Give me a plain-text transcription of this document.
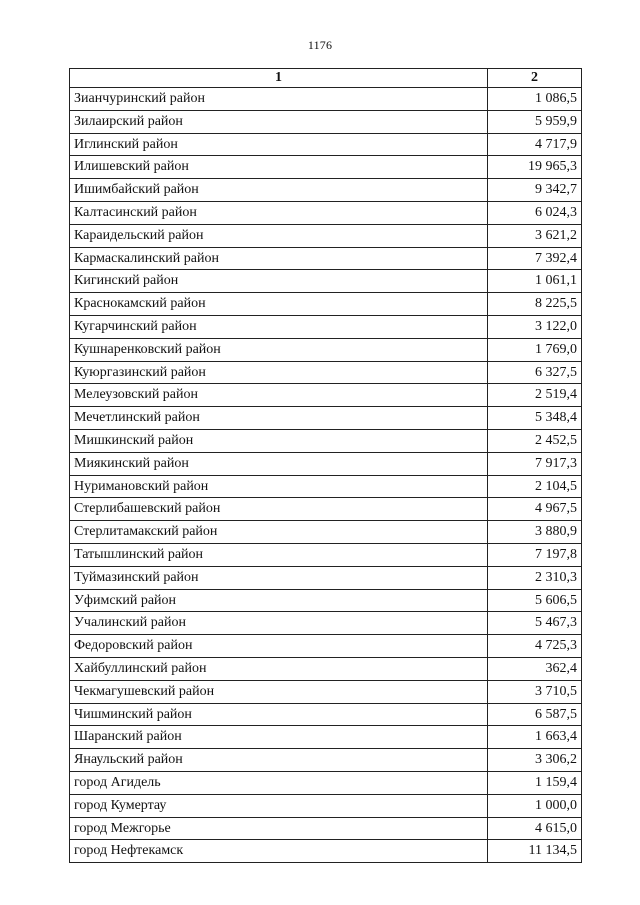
1176
1	2
Зианчуринский район	1 086,5
Зилаирский район	5 959,9
Иглинский район	4 717,9
Илишевский район	19 965,3
Ишимбайский район	9 342,7
Калтасинский район	6 024,3
Караидельский район	3 621,2
Кармаскалинский район	7 392,4
Кигинский район	1 061,1
Краснокамский район	8 225,5
Кугарчинский район	3 122,0
Кушнаренковский район	1 769,0
Куюргазинский район	6 327,5
Мелеузовский район	2 519,4
Мечетлинский район	5 348,4
Мишкинский район	2 452,5
Миякинский район	7 917,3
Нуримановский район	2 104,5
Стерлибашевский район	4 967,5
Стерлитамакский район	3 880,9
Татышлинский район	7 197,8
Туймазинский район	2 310,3
Уфимский район	5 606,5
Учалинский район	5 467,3
Федоровский район	4 725,3
Хайбуллинский район	362,4
Чекмагушевский район	3 710,5
Чишминский район	6 587,5
Шаранский район	1 663,4
Янаульский район	3 306,2
город Агидель	1 159,4
город Кумертау	1 000,0
город Межгорье	4 615,0
город Нефтекамск	11 134,5
